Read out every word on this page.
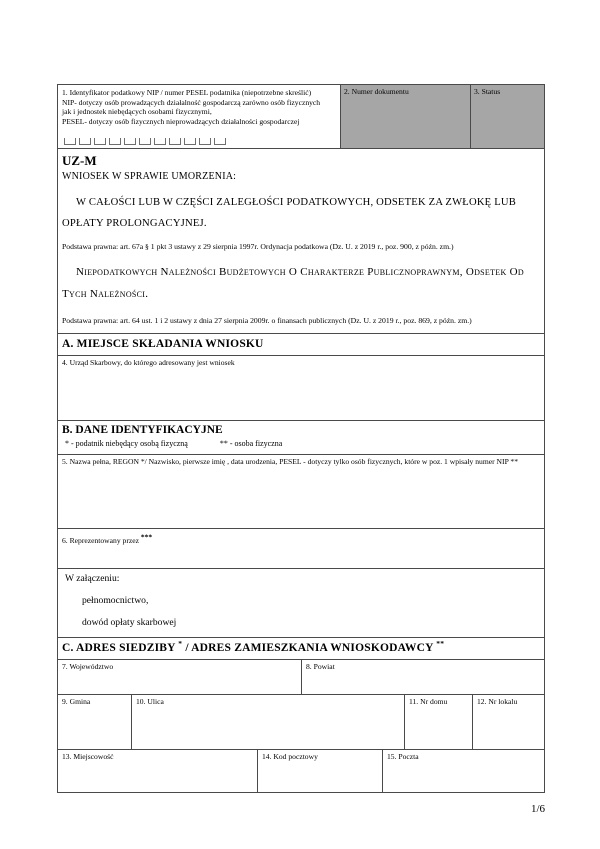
1. Identyfikator podatkowy NIP / numer PESEL podatnika (niepotrzebne skreślić)
NIP- dotyczy osób prowadzących działalność gospodarczą zarówno osób fizycznych
jak i jednostek niebędących osobami fizycznymi,
PESEL- dotyczy osób fizycznych nieprowadzących działalności gospodarczej
2. Numer dokumentu	3. Status
UZ-M
WNIOSEK W SPRAWIE UMORZENIA:
W CAŁOŚCI LUB W CZĘŚCI ZALEGŁOŚCI PODATKOWYCH, ODSETEK ZA ZWŁOKĘ LUB OPŁATY PROLONGACYJNEJ.
Podstawa prawna: art. 67a § 1 pkt 3 ustawy z 29 sierpnia 1997r. Ordynacja podatkowa (Dz. U. z 2019 r., poz. 900, z późn. zm.)
Niepodatkowych Należności Budżetowych O Charakterze Publicznoprawnym, Odsetek Od Tych Należności.
Podstawa prawna: art. 64 ust. 1 i 2 ustawy z dnia 27 sierpnia 2009r. o finansach publicznych (Dz. U. z 2019 r., poz. 869, z późn. zm.)
A. MIEJSCE SKŁADANIA WNIOSKU
4. Urząd Skarbowy, do którego adresowany jest wniosek
B. DANE IDENTYFIKACYJNE
* - podatnik niebędący osobą fizyczną	** - osoba fizyczna
5. Nazwa pełna, REGON */ Nazwisko, pierwsze imię , data urodzenia, PESEL - dotyczy tylko osób fizycznych, które w poz. 1 wpisały numer NIP **
6. Reprezentowany przez ***
W załączeniu:
pełnomocnictwo,
dowód opłaty skarbowej
C. ADRES SIEDZIBY * / ADRES ZAMIESZKANIA WNIOSKODAWCY **
7. Województwo	8. Powiat
9. Gmina	10. Ulica	11. Nr domu	12. Nr lokalu
13. Miejscowość	14. Kod pocztowy	15. Poczta
1/6
